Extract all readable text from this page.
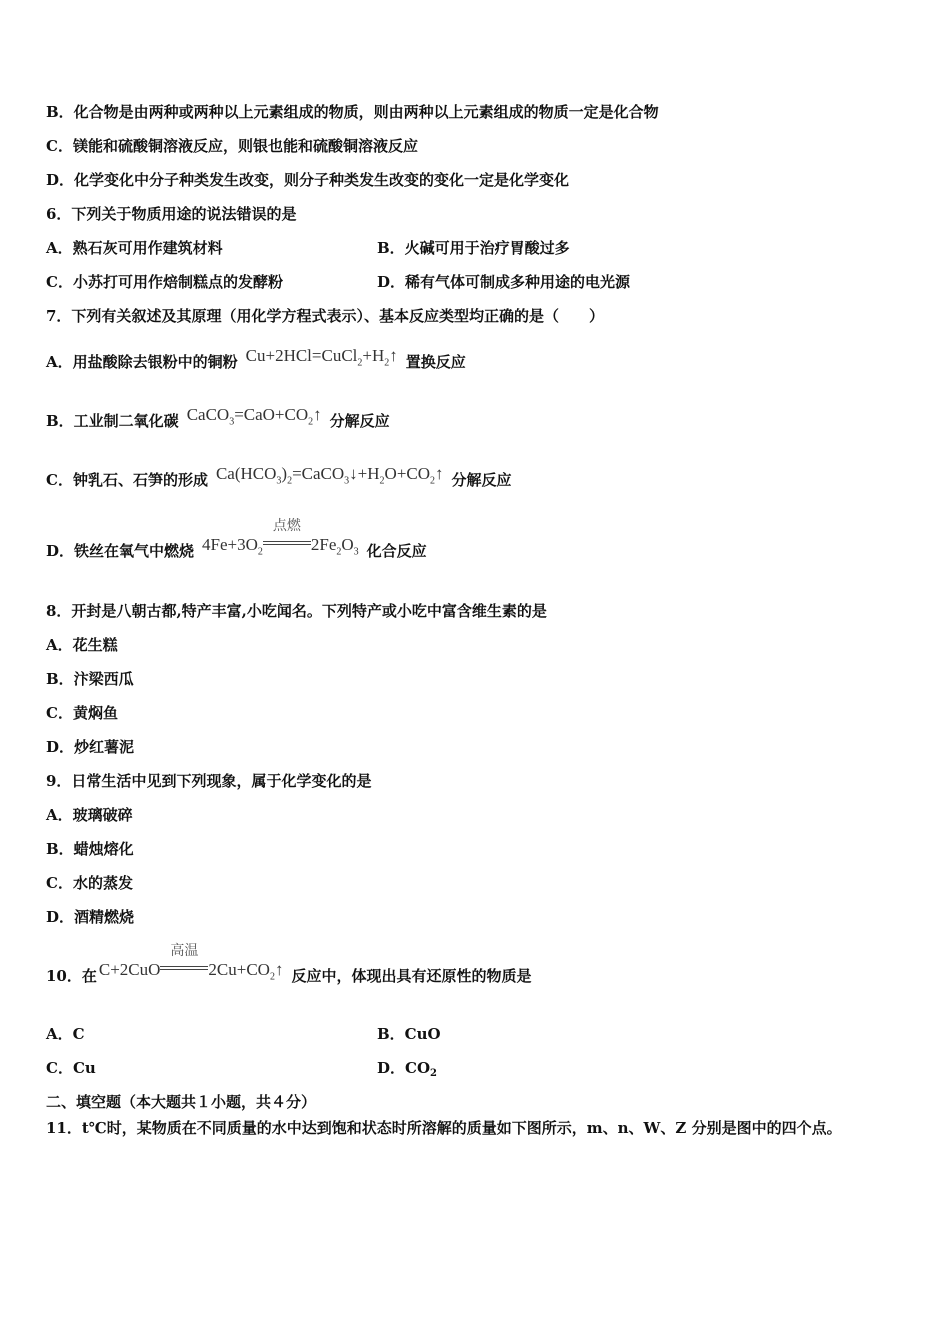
B．化合物是由两种或两种以上元素组成的物质，则由两种以上元素组成的物质一定是化合物
C．镁能和硫酸铜溶液反应，则银也能和硫酸铜溶液反应
D．化学变化中分子种类发生改变，则分子种类发生改变的变化一定是化学变化
6．下列关于物质用途的说法错误的是
A．熟石灰可用作建筑材料	B．火碱可用于治疗胃酸过多
C．小苏打可用作焙制糕点的发酵粉	D．稀有气体可制成多种用途的电光源
7．下列有关叙述及其原理（用化学方程式表示）、基本反应类型均正确的是（　　）
A．用盐酸除去银粉中的铜粉 $Cu+2HCl=CuCl_2+H_2↑$ 置换反应
B．工业制二氧化碳 $CaCO_3=CaO+CO_2↑$ 分解反应
C．钟乳石、石笋的形成 $Ca(HCO_3)_2=CaCO_3↓+H_2O+CO_2↑$ 分解反应
D．铁丝在氧气中燃烧 $4Fe+3O_2$
点燃
$2Fe_2O_3$ 化合反应
8．开封是八朝古都,特产丰富,小吃闻名。下列特产或小吃中富含维生素的是
A．花生糕
B．汴梁西瓜
C．黄焖鱼
D．炒红薯泥
9．日常生活中见到下列现象，属于化学变化的是
A．玻璃破碎
B．蜡烛熔化
C．水的蒸发
D．酒精燃烧
10．在 C+2CuO
高温
$2Cu+CO_2↑$ 反应中，体现出具有还原性的物质是
A．C	B．CuO
C．Cu	D．$CO_2$
二、填空题（本大题共１小题，共４分）
11．t℃时，某物质在不同质量的水中达到饱和状态时所溶解的质量如下图所示，m、n、W、Z 分别是图中的四个点。
